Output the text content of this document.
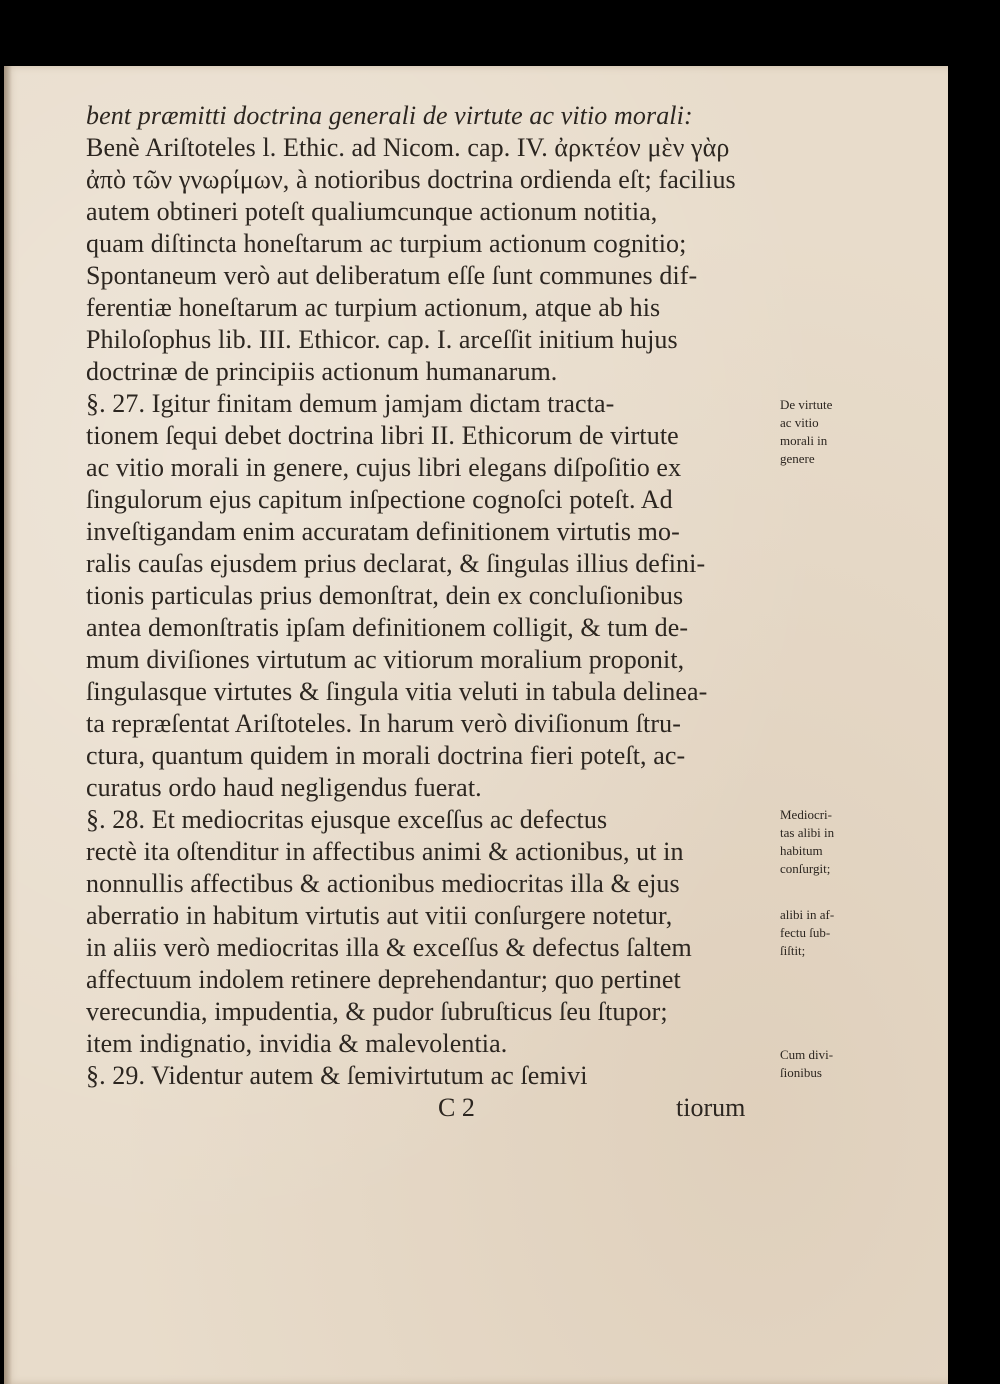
bent præmitti doctrina generali de virtute ac vitio morali:
Benè Ariſtoteles l. Ethic. ad Nicom. cap. IV. ἀρκτέον μὲν γὰρ
ἀπὸ τῶν γνωρίμων, à notioribus doctrina ordienda eſt; facilius
autem obtineri poteſt qualiumcunque actionum notitia,
quam diſtincta honeſtarum ac turpium actionum cognitio;
Spontaneum verò aut deliberatum eſſe ſunt communes dif-
ferentiæ honeſtarum ac turpium actionum, atque ab his
Philoſophus lib. III. Ethicor. cap. I. arceſſit initium hujus
doctrinæ de principiis actionum humanarum.
§. 27. Igitur finitam demum jamjam dictam tracta-
tionem ſequi debet doctrina libri II. Ethicorum de virtute
ac vitio morali in genere, cujus libri elegans diſpoſitio ex
ſingulorum ejus capitum inſpectione cognoſci poteſt. Ad
inveſtigandam enim accuratam definitionem virtutis mo-
ralis cauſas ejusdem prius declarat, & ſingulas illius defini-
tionis particulas prius demonſtrat, dein ex concluſionibus
antea demonſtratis ipſam definitionem colligit, & tum de-
mum diviſiones virtutum ac vitiorum moralium proponit,
ſingulasque virtutes & ſingula vitia veluti in tabula delinea-
ta repræſentat Ariſtoteles. In harum verò diviſionum ſtru-
ctura, quantum quidem in morali doctrina fieri poteſt, ac-
curatus ordo haud negligendus fuerat.
§. 28. Et mediocritas ejusque exceſſus ac defectus
rectè ita oſtenditur in affectibus animi & actionibus, ut in
nonnullis affectibus & actionibus mediocritas illa & ejus
aberratio in habitum virtutis aut vitii conſurgere notetur,
in aliis verò mediocritas illa & exceſſus & defectus ſaltem
affectuum indolem retinere deprehendantur; quo pertinet
verecundia, impudentia, & pudor ſubruſticus ſeu ſtupor;
item indignatio, invidia & malevolentia.
§. 29. Videntur autem & ſemivirtutum ac ſemivi
De virtute
ac vitio
morali in
genere
Mediocri-
tas alibi in
habitum
conſurgit;
alibi in af-
fectu ſub-
ſiſtit;
Cum divi-
ſionibus
C 2	tiorum
